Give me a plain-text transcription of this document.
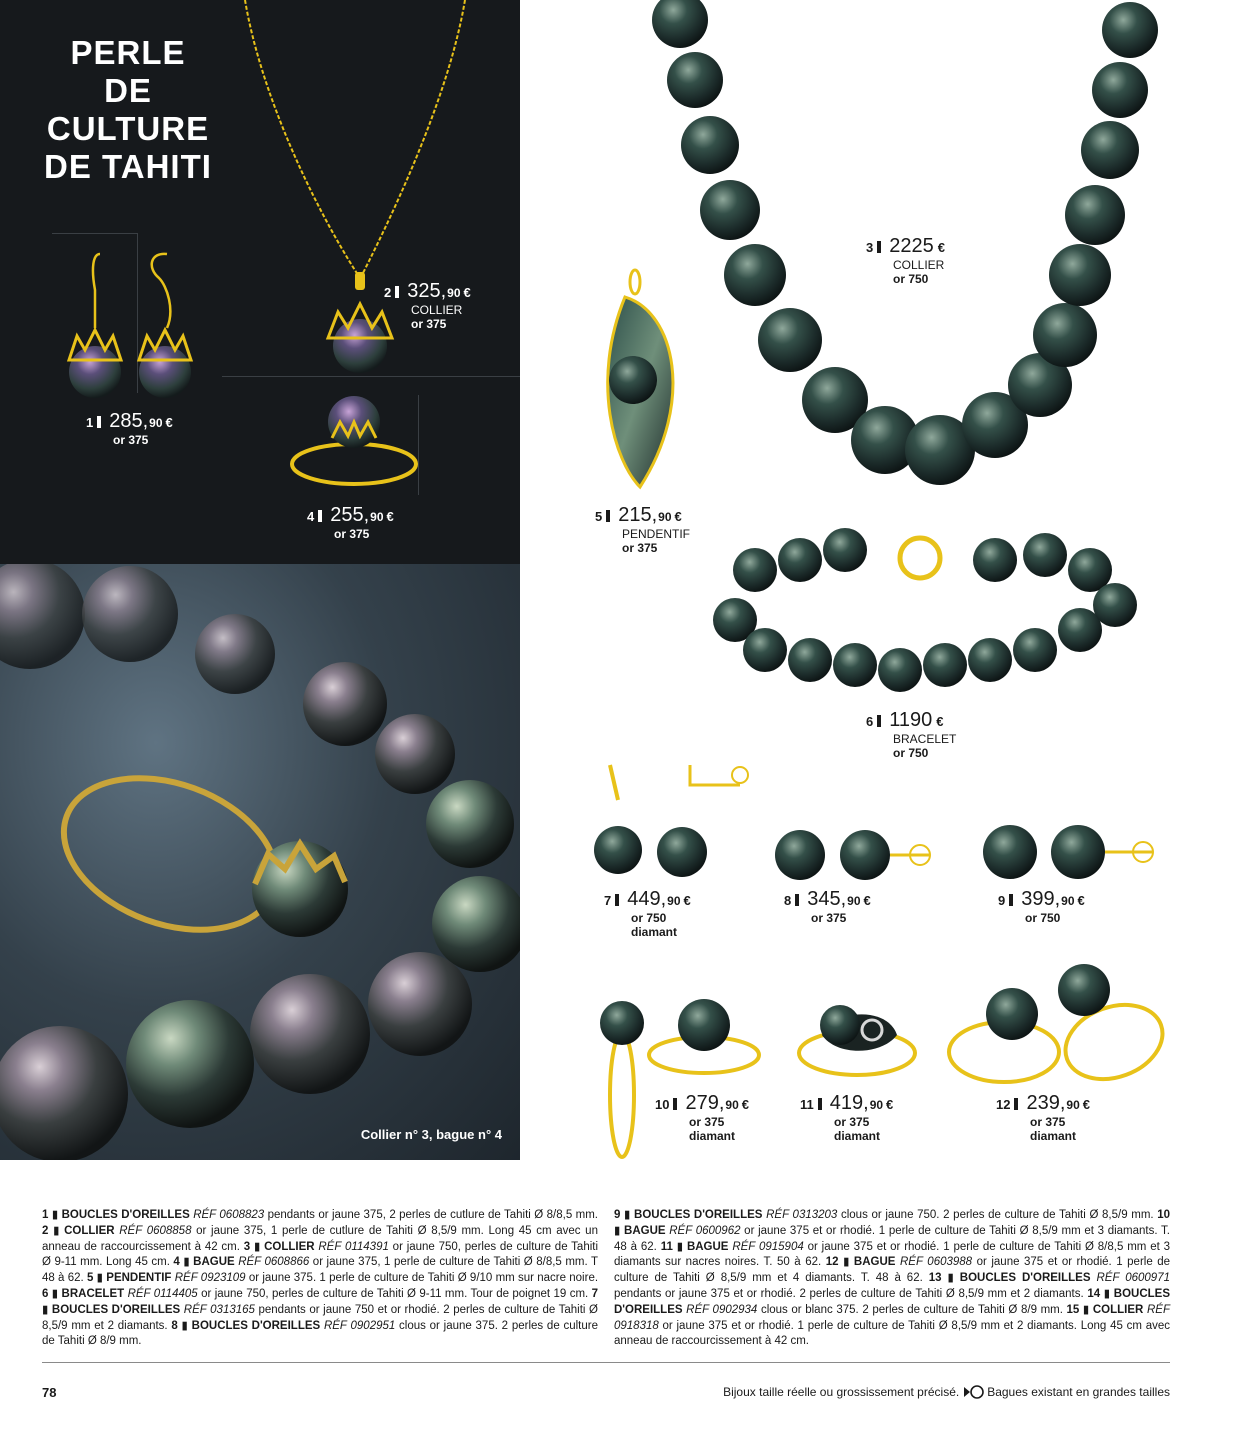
PERLE
DE CULTURE
DE TAHITI
1 285, 90 €
or 375
2 325, 90 €
COLLIER
or 375
4 255, 90 €
or 375
Collier n° 3, bague n° 4
3 2225 €
COLLIER
or 750
5 215, 90 €
PENDENTIF
or 375
6 1190 €
BRACELET
or 750
7 449, 90 €
or 750
diamant
8 345, 90 €
or 375
9 399, 90 €
or 750
10 279, 90 €
or 375
diamant
11 419, 90 €
or 375
diamant
12 239, 90 €
or 375
diamant

1 ▮ BOUCLES D'OREILLES RÉF 0608823 pendants or jaune 375, 2 perles de cutlure de Tahiti Ø 8/8,5 mm. 2 ▮ COLLIER RÉF 0608858 or jaune 375, 1 perle de cutlure de Tahiti Ø 8,5/9 mm. Long 45 cm avec un anneau de raccourcissement à 42 cm. 3 ▮ COLLIER RÉF 0114391 or jaune 750, perles de culture de Tahiti Ø 9-11 mm. Long 45 cm. 4 ▮ BAGUE RÉF 0608866 or jaune 375, 1 perle de culture de Tahiti Ø 8/8,5 mm. T 48 à 62. 5 ▮ PENDENTIF RÉF 0923109 or jaune 375. 1 perle de culture de Tahiti Ø 9/10 mm sur nacre noire. 6 ▮ BRACELET RÉF 0114405 or jaune 750, perles de culture de Tahiti Ø 9-11 mm. Tour de poignet 19 cm. 7 ▮ BOUCLES D'OREILLES RÉF 0313165 pendants or jaune 750 et or rhodié. 2 perles de culture de Tahiti Ø 8,5/9 mm et 2 diamants. 8 ▮ BOUCLES D'OREILLES RÉF 0902951 clous or jaune 375. 2 perles de culture de Tahiti Ø 8/9 mm.

9 ▮ BOUCLES D'OREILLES RÉF 0313203 clous or jaune 750. 2 perles de culture de Tahiti Ø 8,5/9 mm. 10 ▮ BAGUE RÉF 0600962 or jaune 375 et or rhodié. 1 perle de culture de Tahiti Ø 8,5/9 mm et 3 diamants. T. 48 à 62. 11 ▮ BAGUE RÉF 0915904 or jaune 375 et or rhodié. 1 perle de culture de Tahiti Ø 8/8,5 mm et 3 diamants sur nacres noires. T. 50 à 62. 12 ▮ BAGUE RÉF 0603988 or jaune 375 et or rhodié. 1 perle de culture de Tahiti Ø 8,5/9 mm et 4 diamants. T. 48 à 62. 13 ▮ BOUCLES D'OREILLES RÉF 0600971 pendants or jaune 375 et or rhodié. 2 perles de culture de Tahiti Ø 8,5/9 mm et 2 diamants. 14 ▮ BOUCLES D'OREILLES RÉF 0902934 clous or blanc 375. 2 perles de culture de Tahiti Ø 8/9 mm. 15 ▮ COLLIER RÉF 0918318 or jaune 375 et or rhodié. 1 perle de culture de Tahiti Ø 8,5/9 mm et 2 diamants. Long 45 cm avec anneau de raccourcissement à 42 cm.

78	Bijoux taille réelle ou grossissement précisé. Bagues existant en grandes tailles
